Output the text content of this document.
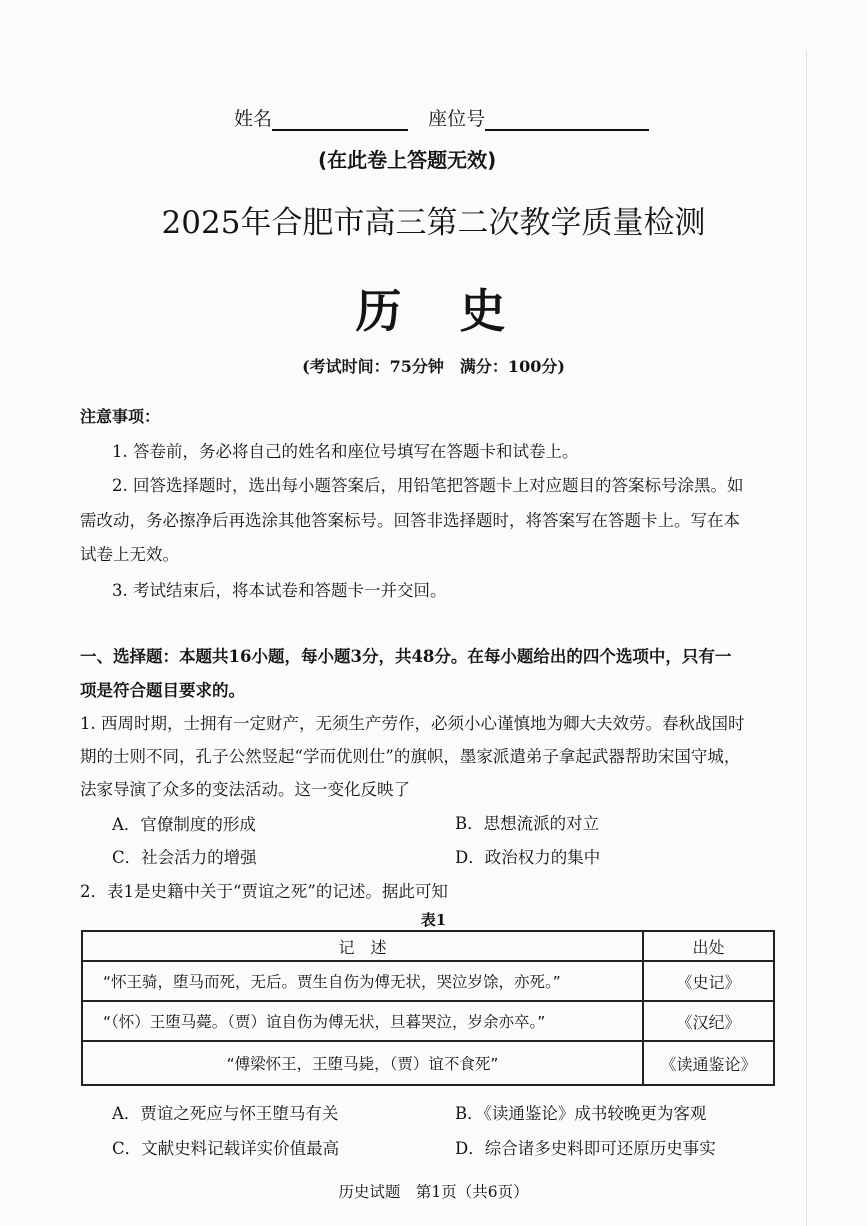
姓名	座位号
(在此卷上答题无效)
2025年合肥市高三第二次教学质量检测
历　史
(考试时间：75分钟　满分：100分)
注意事项：
1. 答卷前，务必将自己的姓名和座位号填写在答题卡和试卷上。
2. 回答选择题时，选出每小题答案后，用铅笔把答题卡上对应题目的答案标号涂黑。如
需改动，务必擦净后再选涂其他答案标号。回答非选择题时，将答案写在答题卡上。写在本
试卷上无效。
3. 考试结束后，将本试卷和答题卡一并交回。
一、选择题：本题共16小题，每小题3分，共48分。在每小题给出的四个选项中，只有一
项是符合题目要求的。
1. 西周时期，士拥有一定财产，无须生产劳作，必须小心谨慎地为卿大夫效劳。春秋战国时
期的士则不同，孔子公然竖起“学而优则仕”的旗帜，墨家派遣弟子拿起武器帮助宋国守城，
法家导演了众多的变法活动。这一变化反映了
A．官僚制度的形成	B．思想流派的对立
C．社会活力的增强	D．政治权力的集中
2．表1是史籍中关于“贾谊之死”的记述。据此可知
表1
记　述	出处
“怀王骑，堕马而死，无后。贾生自伤为傅无状，哭泣岁馀，亦死。”	《史记》
“（怀）王堕马薨。（贾）谊自伤为傅无状，旦暮哭泣，岁余亦卒。”	《汉纪》
“傅梁怀王，王堕马毙，（贾）谊不食死”	《读通鉴论》
A．贾谊之死应与怀王堕马有关	B．《读通鉴论》成书较晚更为客观
C．文献史料记载详实价值最高	D．综合诸多史料即可还原历史事实
历史试题　第1页（共6页）
